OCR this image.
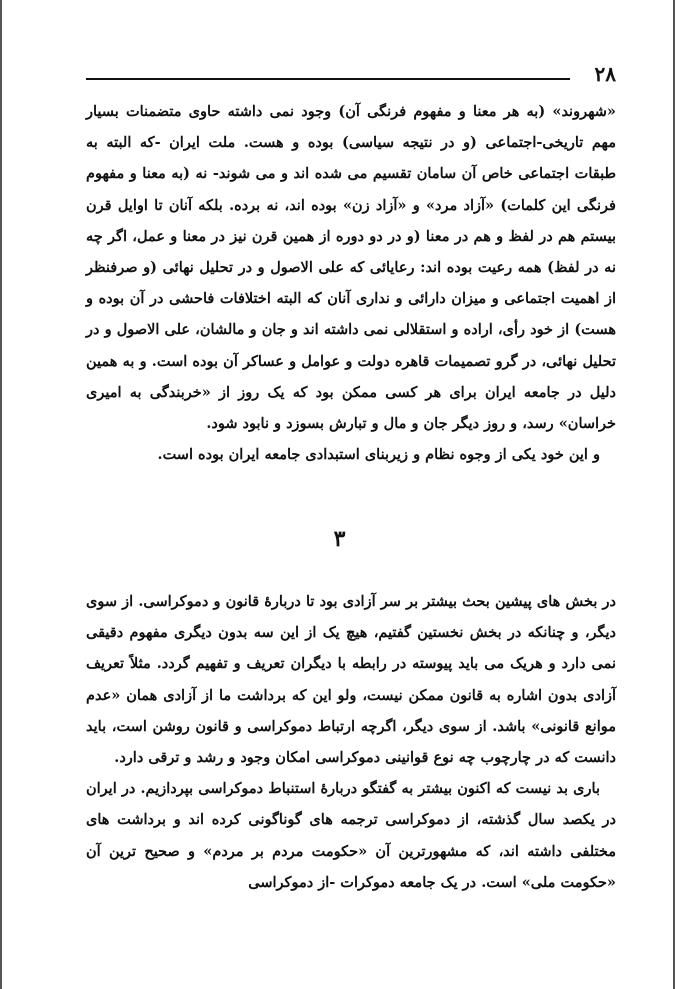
۲۸

«شهروند» (به هر معنا و مفهوم فرنگی آن) وجود نمی داشته حاوی متضمنات بسیار مهم تاریخی-اجتماعی (و در نتیجه سیاسی) بوده و هست. ملت ایران -که البته به طبقات اجتماعی خاص آن سامان تقسیم می شده اند و می شوند- نه (به معنا و مفهوم فرنگی این کلمات) «آزاد مرد» و «آزاد زن» بوده اند، نه برده. بلکه آنان تا اوایل قرن بیستم هم در لفظ و هم در معنا (و در دو دوره از همین قرن نیز در معنا و عمل، اگر چه نه در لفظ) همه رعیت بوده اند: رعایائی که علی الاصول و در تحلیل نهائی (و صرفنظر از اهمیت اجتماعی و میزان دارائی و نداری آنان که البته اختلافات فاحشی در آن بوده و هست) از خود رأی، اراده و استقلالی نمی داشته اند و جان و مالشان، علی الاصول و در تحلیل نهائی، در گرو تصمیمات قاهره دولت و عوامل و عساکر آن بوده است. و به همین دلیل در جامعه ایران برای هر کسی ممکن بود که یک روز از «خربندگی به امیری خراسان» رسد، و روز دیگر جان و مال و تبارش بسوزد و نابود شود.

و این خود یکی از وجوه نظام و زیربنای استبدادی جامعه ایران بوده است.

۳

در بخش های پیشین بحث بیشتر بر سر آزادی بود تا دربارهٔ قانون و دموکراسی. از سوی دیگر، و چنانکه در بخش نخستین گفتیم، هیچ یک از این سه بدون دیگری مفهوم دقیقی نمی دارد و هریک می باید پیوسته در رابطه با دیگران تعریف و تفهیم گردد. مثلاً تعریف آزادی بدون اشاره به قانون ممکن نیست، ولو این که برداشت ما از آزادی همان «عدم موانع قانونی» باشد. از سوی دیگر، اگرچه ارتباط دموکراسی و قانون روشن است، باید دانست که در چارچوب چه نوع قوانینی دموکراسی امکان وجود و رشد و ترقی دارد.

باری بد نیست که اکنون بیشتر به گفتگو دربارهٔ استنباط دموکراسی بپردازیم. در ایران در یکصد سال گذشته، از دموکراسی ترجمه های گوناگونی کرده اند و برداشت های مختلفی داشته اند، که مشهورترین آن «حکومت مردم بر مردم» و صحیح ترین آن «حکومت ملی» است. در یک جامعه دموکرات -از دموکراسی
